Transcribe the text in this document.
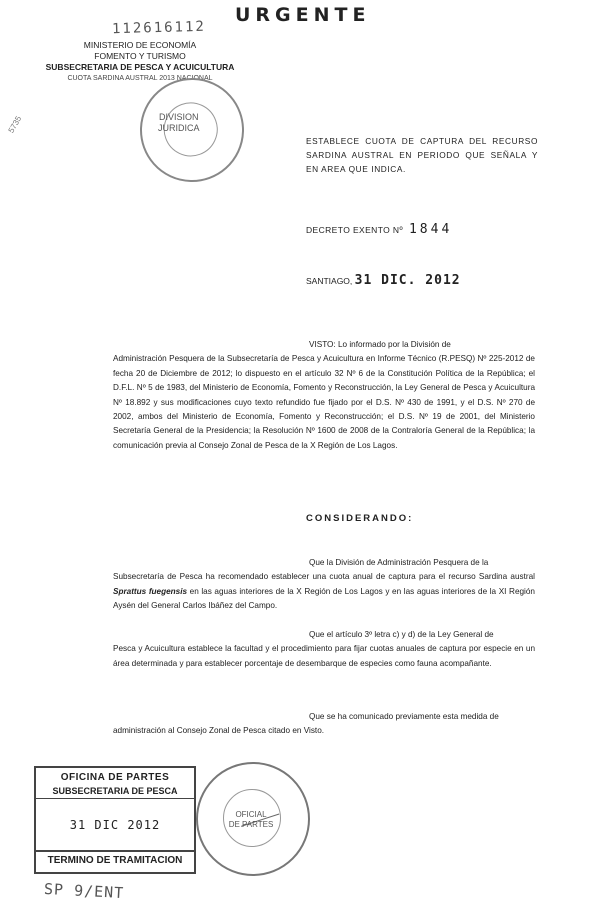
URGENTE
112616112
MINISTERIO DE ECONOMÍA
FOMENTO Y TURISMO
SUBSECRETARIA DE PESCA Y ACUICULTURA
CUOTA SARDINA AUSTRAL 2013 NACIONAL
DIVISION
JURIDICA
5735
ESTABLECE CUOTA DE CAPTURA DEL RECURSO SARDINA AUSTRAL EN PERIODO QUE SEÑALA Y EN AREA QUE INDICA.
DECRETO EXENTO Nº 1844
SANTIAGO, 31 DIC. 2012
VISTO: Lo informado por la División de
Administración Pesquera de la Subsecretaría de Pesca y Acuicultura en Informe Técnico (R.PESQ) Nº 225-2012 de fecha 20 de Diciembre de 2012; lo dispuesto en el artículo 32 Nº 6 de la Constitución Política de la República; el D.F.L. Nº 5 de 1983, del Ministerio de Economía, Fomento y Reconstrucción, la Ley General de Pesca y Acuicultura Nº 18.892 y sus modificaciones cuyo texto refundido fue fijado por el D.S. Nº 430 de 1991, y el D.S. Nº 270 de 2002, ambos del Ministerio de Economía, Fomento y Reconstrucción; el D.S. Nº 19 de 2001, del Ministerio Secretaría General de la Presidencia; la Resolución Nº 1600 de 2008 de la Contraloría General de la República; la comunicación previa al Consejo Zonal de Pesca de la X Región de Los Lagos.
CONSIDERANDO:
Que la División de Administración Pesquera de la
Subsecretaría de Pesca ha recomendado establecer una cuota anual de captura para el recurso Sardina austral Sprattus fuegensis en las aguas interiores de la X Región de Los Lagos y en las aguas interiores de la XI Región Aysén del General Carlos Ibáñez del Campo.
Que el artículo 3º letra c) y d) de la Ley General de
Pesca y Acuicultura establece la facultad y el procedimiento para fijar cuotas anuales de captura por especie en un área determinada y para establecer porcentaje de desembarque de especies como fauna acompañante.
Que se ha comunicado previamente esta medida de
administración al Consejo Zonal de Pesca citado en Visto.
OFICINA DE PARTES
SUBSECRETARIA DE PESCA
31 DIC 2012
TERMINO DE TRAMITACION
OFICIAL
DE PARTES
SP 9/ENT
